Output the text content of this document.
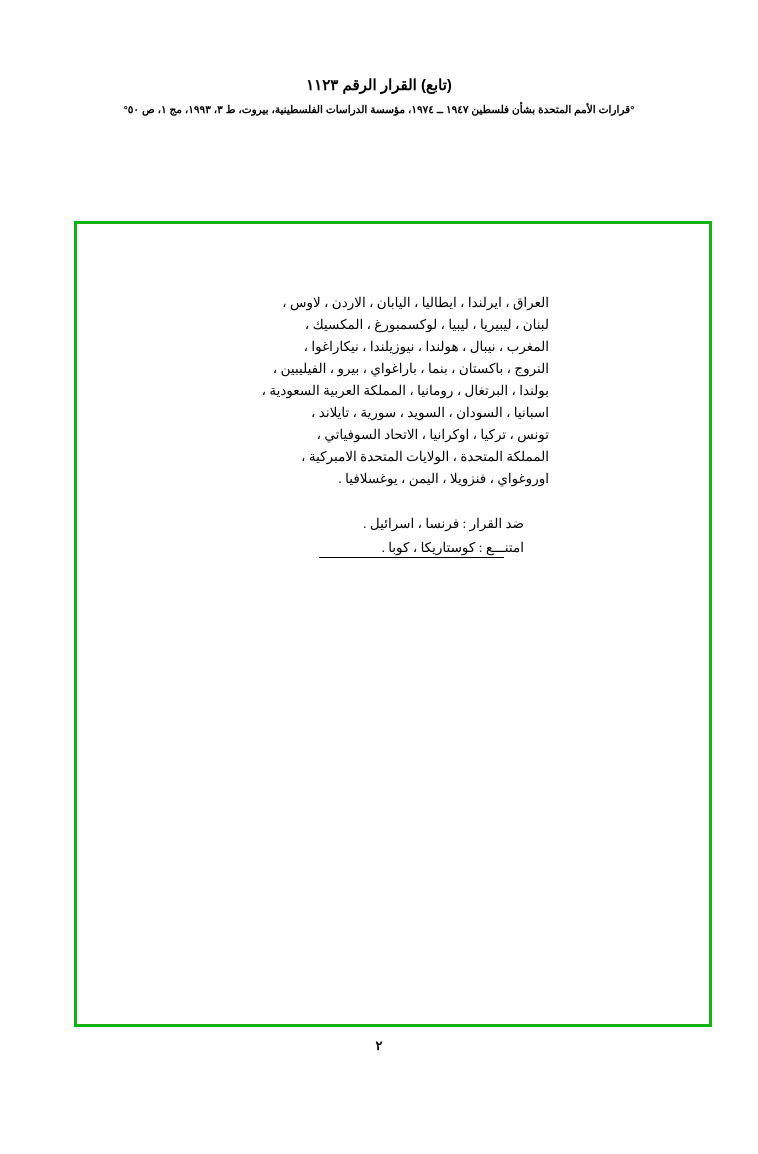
(تابع) القرار الرقم ١١٢٣
°قرارات الأمم المتحدة بشأن فلسطين ١٩٤٧ ــ ١٩٧٤، مؤسسة الدراسات الفلسطينية، بيروت، ط ٣، ١٩٩٣، مج ١، ص ٥٠°
العراق ، ايرلندا ، ايطاليا ، اليابان ، الاردن ، لاوس ،
لبنان ، ليبيريا ، ليبيا ، لوكسمبورغ ، المكسيك ،
المغرب ، نيبال ، هولندا ، نيوزيلندا ، نيكاراغوا ،
النروج ، باكستان ، بنما ، باراغواي ، بيرو ، الفيليبين ،
بولندا ، البرتغال ، رومانيا ، المملكة العربية السعودية ،
اسبانيا ، السودان ، السويد ، سورية ، تايلاند ،
تونس ، تركيا ، اوكرانيا ، الاتحاد السوفياتي ،
المملكة المتحدة ، الولايات المتحدة الامبركية ،
اوروغواي ، فنزويلا ، اليمن ، يوغسلافيا .
ضد القرار : فرنسا ، اسرائيل .
امتنـــع : كوستاريكا ، كوبا .
٢
